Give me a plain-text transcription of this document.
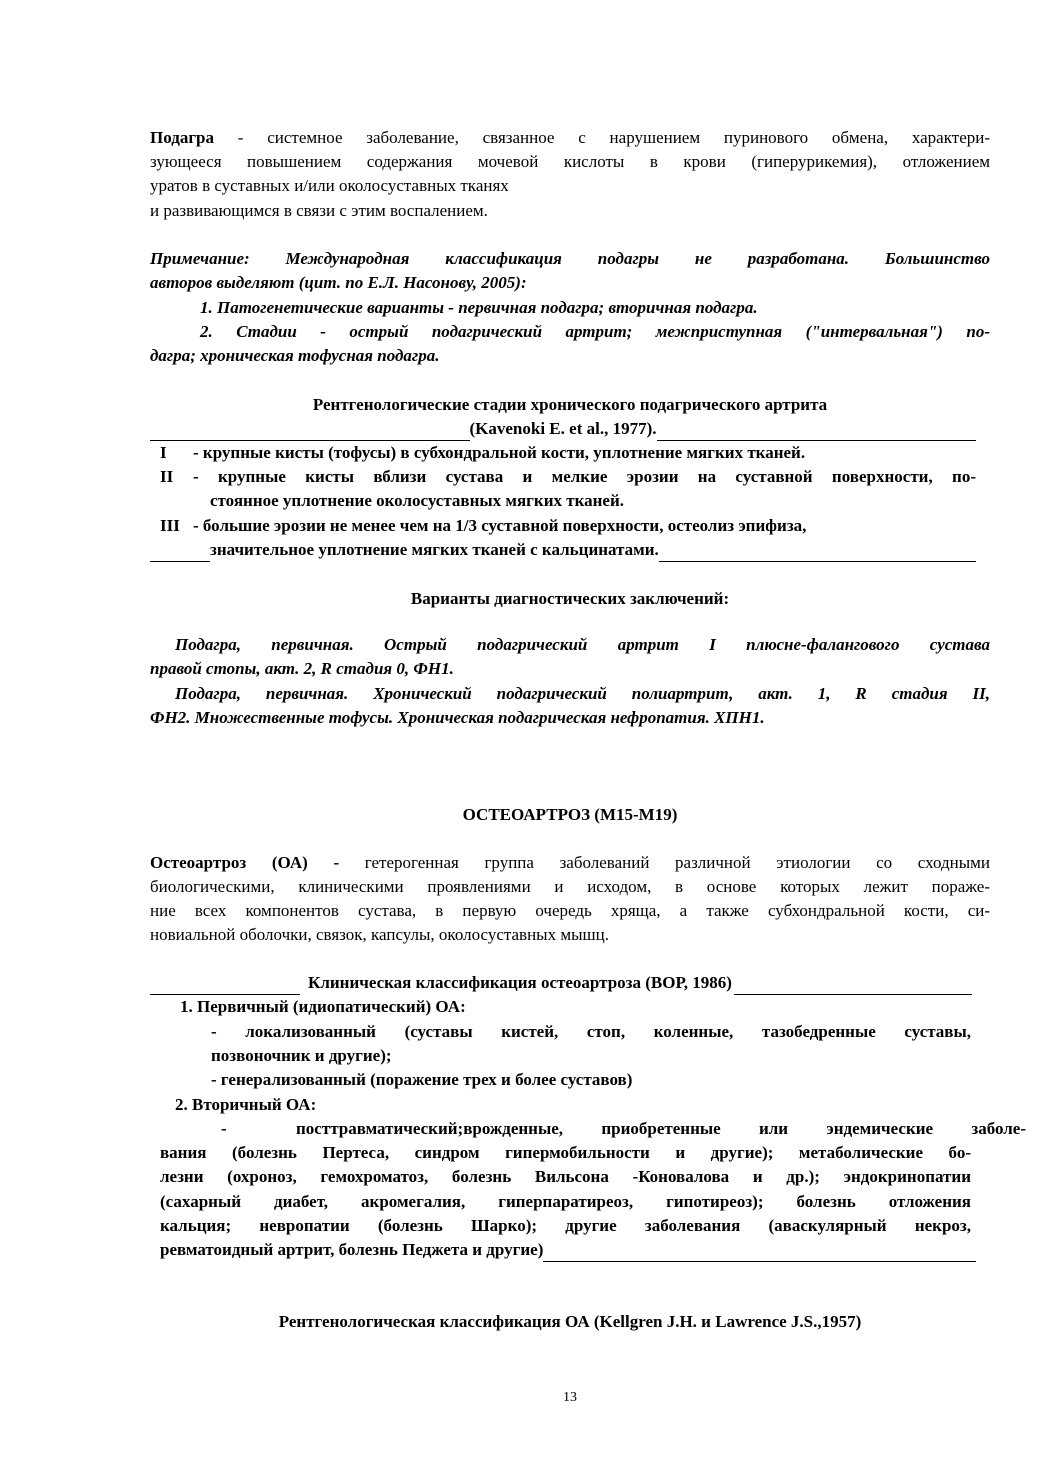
Подагра - системное заболевание, связанное с нарушением пуринового обмена, характери-
зующееся повышением содержания мочевой кислоты в крови (гиперурикемия), отложением
уратов в суставных и/или околосуставных тканях
и развивающимся в связи с этим воспалением.
Примечание: Международная классификация подагры не разработана. Большинство
авторов выделяют (цит. по Е.Л. Насонову, 2005):
1. Патогенетические варианты - первичная подагра; вторичная подагра.
2. Стадии - острый подагрический артрит; межприступная ("интервальная") по-
дагра; хроническая тофусная подагра.
Рентгенологические стадии хронического подагрического артрита
(Kavenoki E. et al., 1977).
I - крупные кисты (тофусы) в субхондральной кости, уплотнение мягких тканей.
II - крупные кисты вблизи сустава и мелкие эрозии на суставной поверхности, по-
стоянное уплотнение околосуставных мягких тканей.
III - большие эрозии не менее чем на 1/3 суставной поверхности, остеолиз эпифиза,
значительное уплотнение мягких тканей с кальцинатами.
Варианты диагностических заключений:
Подагра, первичная. Острый подагрический артрит I плюсне-фалангового сустава
правой стопы, акт. 2, R стадия 0, ФН1.
Подагра, первичная. Хронический подагрический полиартрит, акт. 1, R стадия II,
ФН2. Множественные тофусы. Хроническая подагрическая нефропатия. ХПН1.
ОСТЕОАРТРОЗ (М15-М19)
Остеоартроз (ОА) - гетерогенная группа заболеваний различной этиологии со сходными
биологическими, клиническими проявлениями и исходом, в основе которых лежит пораже-
ние всех компонентов сустава, в первую очередь хряща, а также субхондральной кости, си-
новиальной оболочки, связок, капсулы, околосуставных мышц.
Клиническая классификация остеоартроза (ВОР, 1986)
1. Первичный (идиопатический) ОА:
- локализованный (суставы кистей, стоп, коленные, тазобедренные суставы,
позвоночник и другие);
- генерализованный (поражение трех и более суставов)
2. Вторичный ОА:
-	посттравматический;врожденные, приобретенные или эндемические заболе-
вания (болезнь Пертеса, синдром гипермобильности и другие); метаболические бо-
лезни (охроноз, гемохроматоз, болезнь Вильсона -Коновалова и др.); эндокринопатии
(сахарный диабет, акромегалия, гиперпаратиреоз, гипотиреоз); болезнь отложения
кальция; невропатии (болезнь Шарко); другие заболевания (аваскулярный некроз,
ревматоидный артрит, болезнь Педжета и другие)
Рентгенологическая классификация ОА (Kellgren J.H. и Lawrence J.S.,1957)
13
